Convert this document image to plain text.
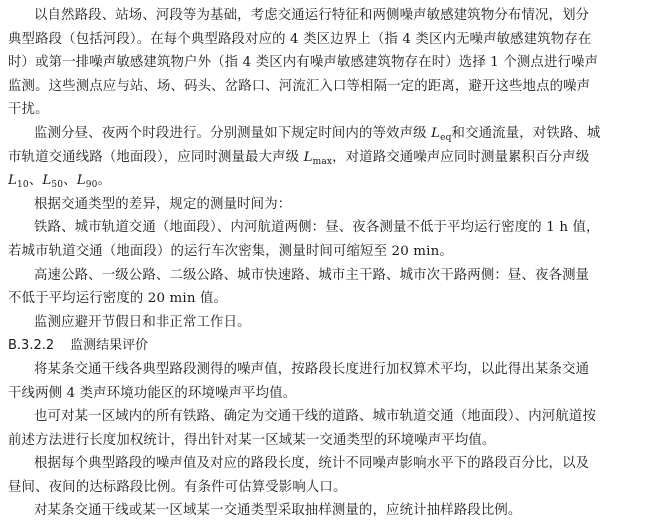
以自然路段、站场、河段等为基础，考虑交通运行特征和两侧噪声敏感建筑物分布情况，划分
典型路段（包括河段）。在每个典型路段对应的 4 类区边界上（指 4 类区内无噪声敏感建筑物存在
时）或第一排噪声敏感建筑物户外（指 4 类区内有噪声敏感建筑物存在时）选择 1 个测点进行噪声
监测。这些测点应与站、场、码头、岔路口、河流汇入口等相隔一定的距离，避开这些地点的噪声
干扰。
监测分昼、夜两个时段进行。分别测量如下规定时间内的等效声级 $L_{eq}$和交通流量，对铁路、城
市轨道交通线路（地面段），应同时测量最大声级 $L_{max}$，对道路交通噪声应同时测量累积百分声级
$L_{10}$、$L_{50}$、$L_{90}$。
根据交通类型的差异，规定的测量时间为：
铁路、城市轨道交通（地面段）、内河航道两侧：昼、夜各测量不低于平均运行密度的 1 h 值，
若城市轨道交通（地面段）的运行车次密集，测量时间可缩短至 20 min。
高速公路、一级公路、二级公路、城市快速路、城市主干路、城市次干路两侧：昼、夜各测量
不低于平均运行密度的 20 min 值。
监测应避开节假日和非正常工作日。
B.3.2.2 监测结果评价
将某条交通干线各典型路段测得的噪声值，按路段长度进行加权算术平均，以此得出某条交通
干线两侧 4 类声环境功能区的环境噪声平均值。
也可对某一区域内的所有铁路、确定为交通干线的道路、城市轨道交通（地面段）、内河航道按
前述方法进行长度加权统计，得出针对某一区域某一交通类型的环境噪声平均值。
根据每个典型路段的噪声值及对应的路段长度，统计不同噪声影响水平下的路段百分比，以及
昼间、夜间的达标路段比例。有条件可估算受影响人口。
对某条交通干线或某一区域某一交通类型采取抽样测量的，应统计抽样路段比例。
